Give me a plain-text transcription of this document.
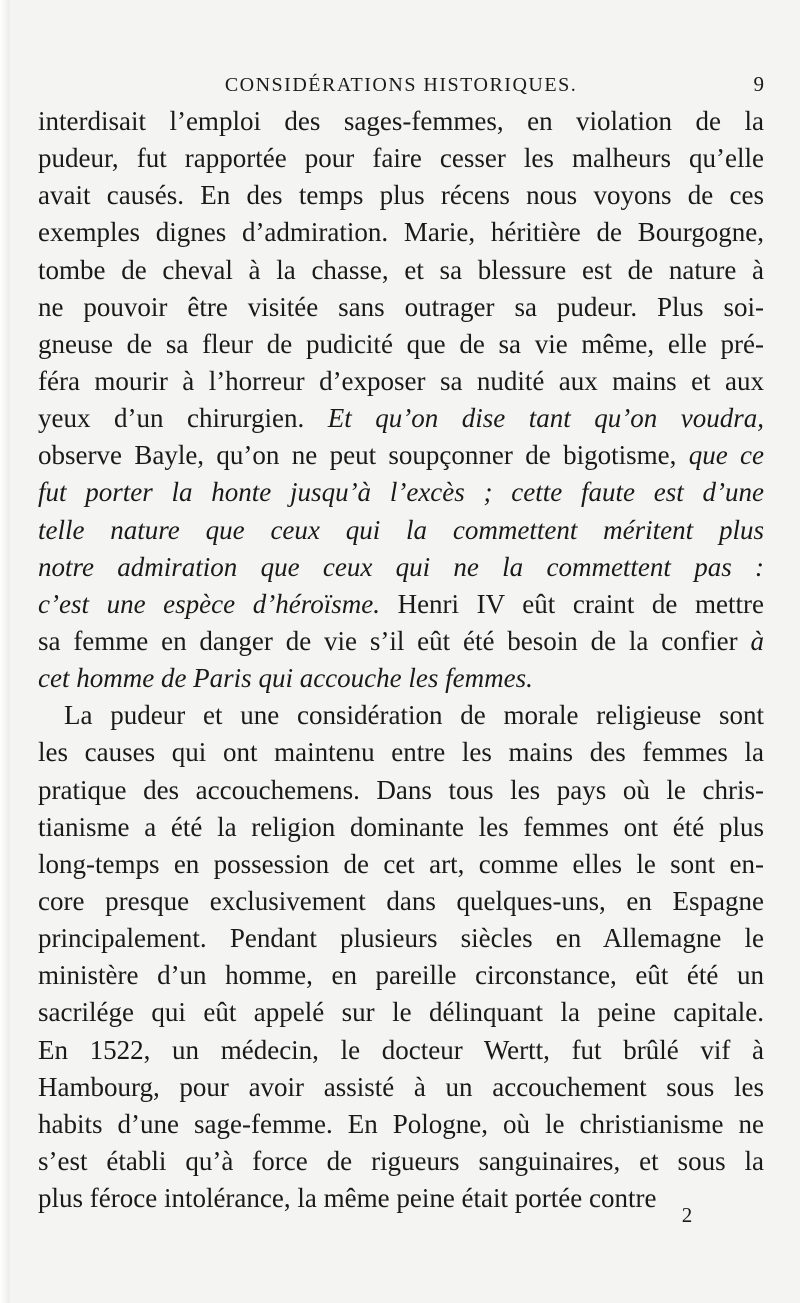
CONSIDÉRATIONS HISTORIQUES.	9
interdisait l’emploi des sages-femmes, en violation de la
pudeur, fut rapportée pour faire cesser les malheurs qu’elle
avait causés. En des temps plus récens nous voyons de ces
exemples dignes d’admiration. Marie, héritière de Bourgogne,
tombe de cheval à la chasse, et sa blessure est de nature à
ne pouvoir être visitée sans outrager sa pudeur. Plus soi-
gneuse de sa fleur de pudicité que de sa vie même, elle pré-
féra mourir à l’horreur d’exposer sa nudité aux mains et aux
yeux d’un chirurgien. Et qu’on dise tant qu’on voudra,
observe Bayle, qu’on ne peut soupçonner de bigotisme, que ce
fut porter la honte jusqu’à l’excès ; cette faute est d’une
telle nature que ceux qui la commettent méritent plus
notre admiration que ceux qui ne la commettent pas :
c’est une espèce d’héroïsme. Henri IV eût craint de mettre
sa femme en danger de vie s’il eût été besoin de la confier à
cet homme de Paris qui accouche les femmes.
La pudeur et une considération de morale religieuse sont
les causes qui ont maintenu entre les mains des femmes la
pratique des accouchemens. Dans tous les pays où le chris-
tianisme a été la religion dominante les femmes ont été plus
long-temps en possession de cet art, comme elles le sont en-
core presque exclusivement dans quelques-uns, en Espagne
principalement. Pendant plusieurs siècles en Allemagne le
ministère d’un homme, en pareille circonstance, eût été un
sacrilége qui eût appelé sur le délinquant la peine capitale.
En 1522, un médecin, le docteur Wertt, fut brûlé vif à
Hambourg, pour avoir assisté à un accouchement sous les
habits d’une sage-femme. En Pologne, où le christianisme ne
s’est établi qu’à force de rigueurs sanguinaires, et sous la
plus féroce intolérance, la même peine était portée contre
2
